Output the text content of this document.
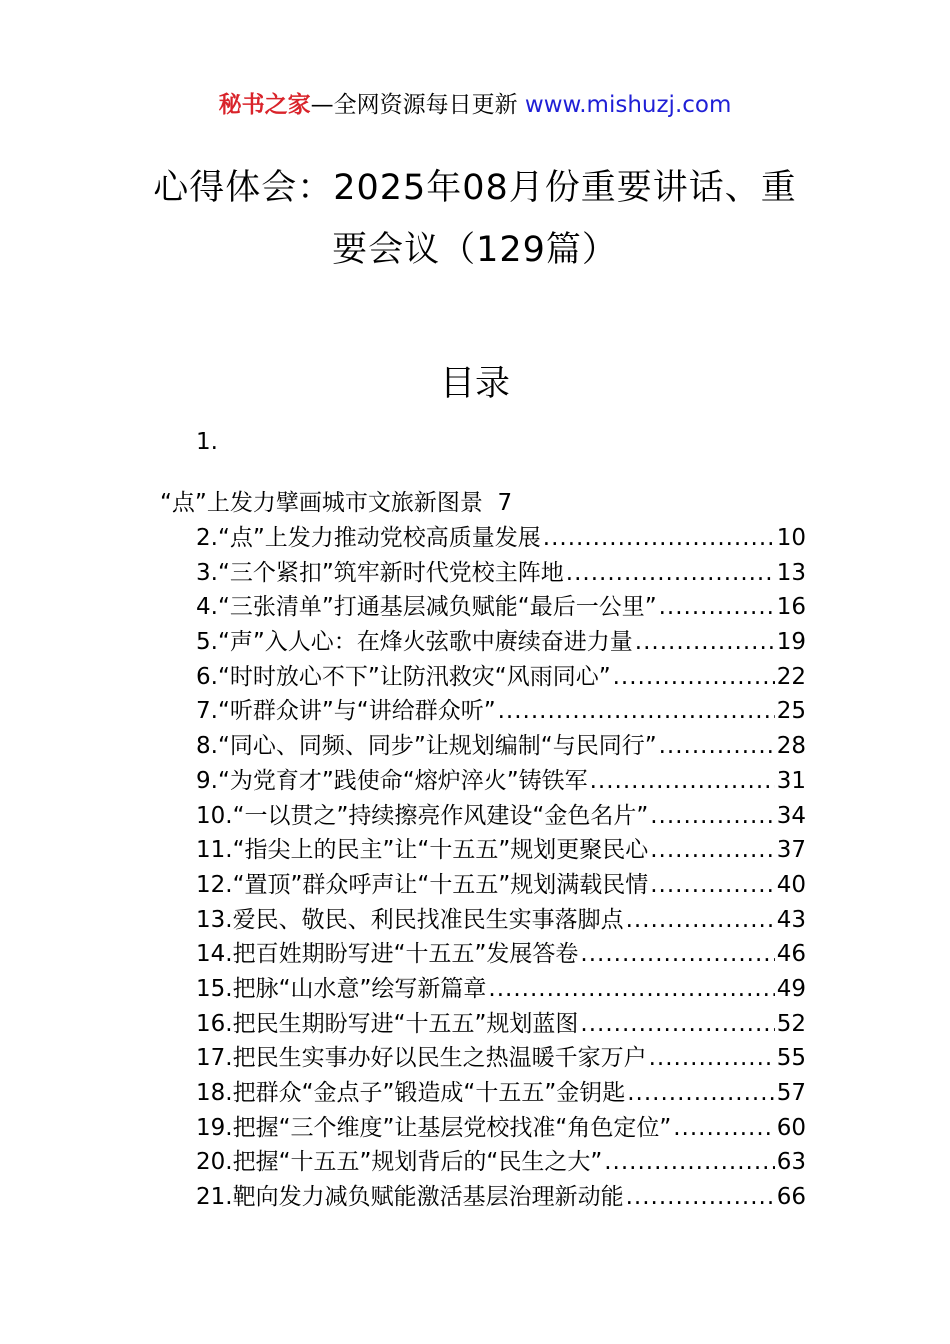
秘书之家—全网资源每日更新 www.mishuzj.com
心得体会：2025年08月份重要讲话、重
要会议（129篇）
目录
1.
“点”上发力擘画城市文旅新图景 7
2.“点”上发力推动党校高质量发展 .....	10
3.“三个紧扣”筑牢新时代党校主阵地 .....	13
4.“三张清单”打通基层减负赋能“最后一公里” .....	16
5.“声”入人心：在烽火弦歌中赓续奋进力量 .....	19
6.“时时放心不下”让防汛救灾“风雨同心” .....	22
7.“听群众讲”与“讲给群众听” .....	25
8.“同心、同频、同步”让规划编制“与民同行” .....	28
9.“为党育才”践使命“熔炉淬火”铸铁军 .....	31
10.“一以贯之”持续擦亮作风建设“金色名片” .....	34
11.“指尖上的民主”让“十五五”规划更聚民心 .....	37
12.“置顶”群众呼声让“十五五”规划满载民情 .....	40
13.爱民、敬民、利民找准民生实事落脚点 .....	43
14.把百姓期盼写进“十五五”发展答卷 .....	46
15.把脉“山水意”绘写新篇章 .....	49
16.把民生期盼写进“十五五”规划蓝图 .....	52
17.把民生实事办好以民生之热温暖千家万户 .....	55
18.把群众“金点子”锻造成“十五五”金钥匙 .....	57
19.把握“三个维度”让基层党校找准“角色定位” .....	60
20.把握“十五五”规划背后的“民生之大” .....	63
21.靶向发力减负赋能激活基层治理新动能 .....	66
